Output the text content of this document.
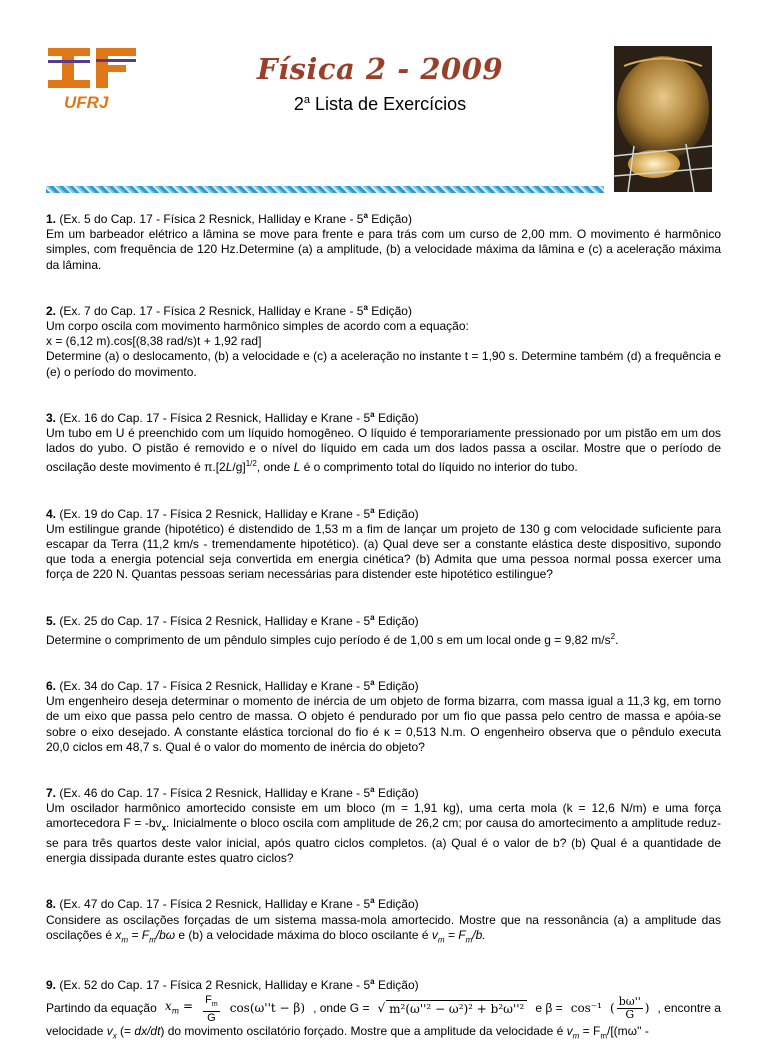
UFRJ
Física 2 - 2009
2$^a$ Lista de Exercícios

1. (Ex. 5 do Cap. 17 - Física 2 Resnick, Halliday e Krane - 5$^a$ Edição)

Em um barbeador elétrico a lâmina se move para frente e para trás com um curso de 2,00 mm. O movimento é harmônico simples, com frequência de 120 Hz.Determine (a) a amplitude, (b) a velocidade máxima da lâmina e (c) a aceleração máxima da lâmina.

2. (Ex. 7 do Cap. 17 - Física 2 Resnick, Halliday e Krane - 5$^a$ Edição)

Um corpo oscila com movimento harmônico simples de acordo com a equação:

x = (6,12 m).cos[(8,38 rad/s)t + 1,92 rad]

Determine (a) o deslocamento, (b) a velocidade e (c) a aceleração no instante t = 1,90 s. Determine também (d) a frequência e (e) o período do movimento.

3. (Ex. 16 do Cap. 17 - Física 2 Resnick, Halliday e Krane - 5$^a$ Edição)

Um tubo em U é preenchido com um líquido homogêneo. O líquido é temporariamente pressionado por um pistão em um dos lados do yubo. O pistão é removido e o nível do líquido em cada um dos lados passa a oscilar. Mostre que o período de oscilação deste movimento é $\pi.[2L/g]^{1/2}$, onde L é o comprimento total do líquido no interior do tubo.

4. (Ex. 19 do Cap. 17 - Física 2 Resnick, Halliday e Krane - 5$^a$ Edição)

Um estilingue grande (hipotético) é distendido de 1,53 m a fim de lançar um projeto de 130 g com velocidade suficiente para escapar da Terra (11,2 km/s - tremendamente hipotético). (a) Qual deve ser a constante elástica deste dispositivo, supondo que toda a energia potencial seja convertida em energia cinética? (b) Admita que uma pessoa normal possa exercer uma força de 220 N. Quantas pessoas seriam necessárias para distender este hipotético estilingue?

5. (Ex. 25 do Cap. 17 - Física 2 Resnick, Halliday e Krane - 5$^a$ Edição)

Determine o comprimento de um pêndulo simples cujo período é de 1,00 s em um local onde g = 9,82 $m/s^2$.

6. (Ex. 34 do Cap. 17 - Física 2 Resnick, Halliday e Krane - 5$^a$ Edição)

Um engenheiro deseja determinar o momento de inércia de um objeto de forma bizarra, com massa igual a 11,3 kg, em torno de um eixo que passa pelo centro de massa. O objeto é pendurado por um fio que passa pelo centro de massa e apóia-se sobre o eixo desejado. A constante elástica torcional do fio é κ = 0,513 N.m. O engenheiro observa que o pêndulo executa 20,0 ciclos em 48,7 s. Qual é o valor do momento de inércia do objeto?

7. (Ex. 46 do Cap. 17 - Física 2 Resnick, Halliday e Krane - 5$^a$ Edição)

Um oscilador harmônico amortecido consiste em um bloco (m = 1,91 kg), uma certa mola (k = 12,6 N/m) e uma força amortecedora $F = -bv_x$. Inicialmente o bloco oscila com amplitude de 26,2 cm; por causa do amortecimento a amplitude reduz-se para três quartos deste valor inicial, após quatro ciclos completos. (a) Qual é o valor de b? (b) Qual é a quantidade de energia dissipada durante estes quatro ciclos?

8. (Ex. 47 do Cap. 17 - Física 2 Resnick, Halliday e Krane - 5$^a$ Edição)

Considere as oscilações forçadas de um sistema massa-mola amortecido. Mostre que na ressonância (a) a amplitude das oscilações é $x_m = F_m/b\omega$ e (b) a velocidade máxima do bloco oscilante é $v_m = F_m/b$.

9. (Ex. 52 do Cap. 17 - Física 2 Resnick, Halliday e Krane - 5$^a$ Edição)

Partindo da equação $x_m = \frac{F_m}{G} \cos(\omega''t - \beta)$ , onde G = √ m²(ω''² − ω²)² + b²ω''² e β = cos⁻¹ ( $\frac{b\omega''}{G}$ ) , encontre a

velocidade $v_x$ (= dx/dt) do movimento oscilatório forçado. Mostre que a amplitude da velocidade é $v_m = F_m/[(m\omega''$ -
